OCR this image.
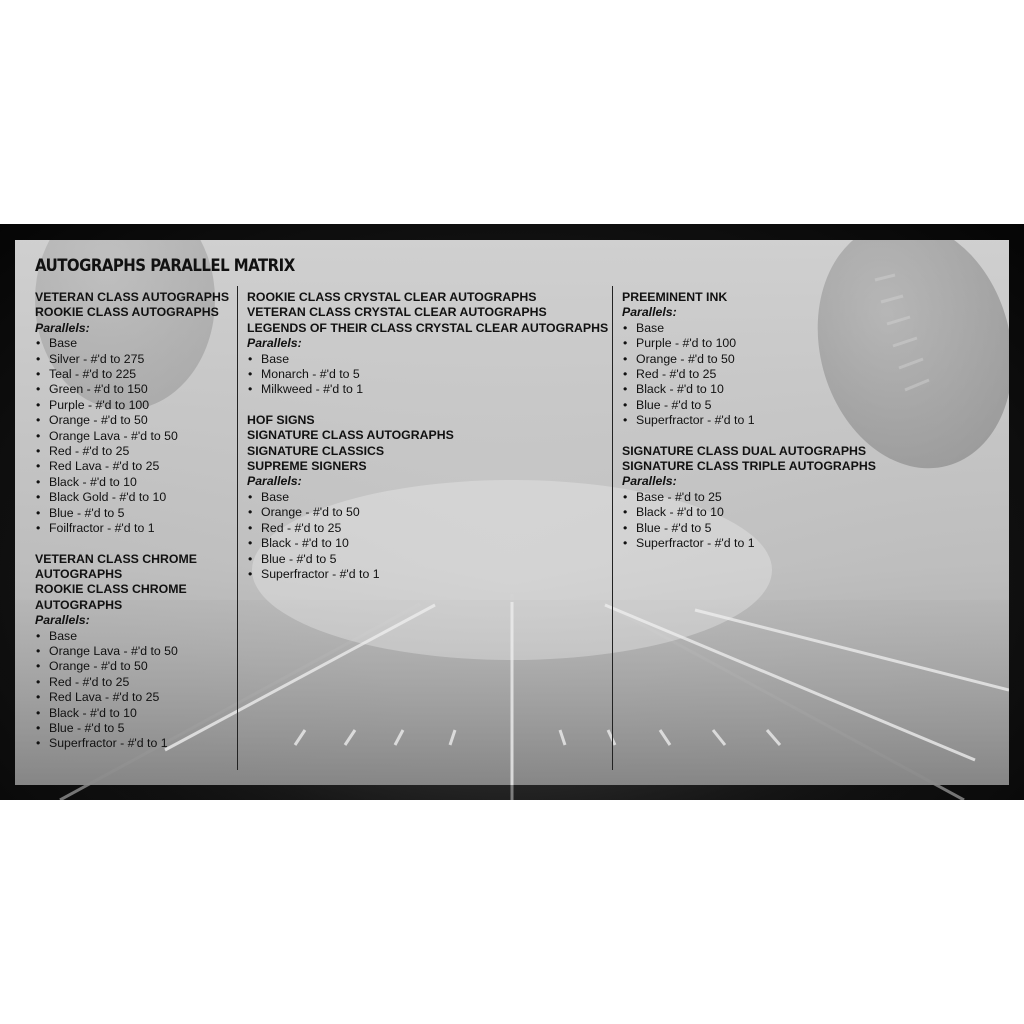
AUTOGRAPHS PARALLEL MATRIX
VETERAN CLASS AUTOGRAPHS
ROOKIE CLASS AUTOGRAPHS
Parallels:
• Base
• Silver - #'d to 275
• Teal - #'d to 225
• Green - #'d to 150
• Purple - #'d to 100
• Orange - #'d to 50
• Orange Lava - #'d to 50
• Red - #'d to 25
• Red Lava - #'d to 25
• Black - #'d to 10
• Black Gold - #'d to 10
• Blue - #'d to 5
• Foilfractor - #'d to 1
VETERAN CLASS CHROME AUTOGRAPHS
ROOKIE CLASS CHROME AUTOGRAPHS
Parallels:
• Base
• Orange Lava - #'d to 50
• Orange - #'d to 50
• Red - #'d to 25
• Red Lava - #'d to 25
• Black - #'d to 10
• Blue - #'d to 5
• Superfractor - #'d to 1
ROOKIE CLASS CRYSTAL CLEAR AUTOGRAPHS
VETERAN CLASS CRYSTAL CLEAR AUTOGRAPHS
LEGENDS OF THEIR CLASS CRYSTAL CLEAR AUTOGRAPHS
Parallels:
• Base
• Monarch - #'d to 5
• Milkweed - #'d to 1
HOF SIGNS
SIGNATURE CLASS AUTOGRAPHS
SIGNATURE CLASSICS
SUPREME SIGNERS
Parallels:
• Base
• Orange - #'d to 50
• Red - #'d to 25
• Black - #'d to 10
• Blue - #'d to 5
• Superfractor - #'d to 1
PREEMINENT INK
Parallels:
• Base
• Purple - #'d to 100
• Orange - #'d to 50
• Red - #'d to 25
• Black - #'d to 10
• Blue - #'d to 5
• Superfractor - #'d to 1
SIGNATURE CLASS DUAL AUTOGRAPHS
SIGNATURE CLASS TRIPLE AUTOGRAPHS
Parallels:
• Base - #'d to 25
• Black - #'d to 10
• Blue - #'d to 5
• Superfractor - #'d to 1
